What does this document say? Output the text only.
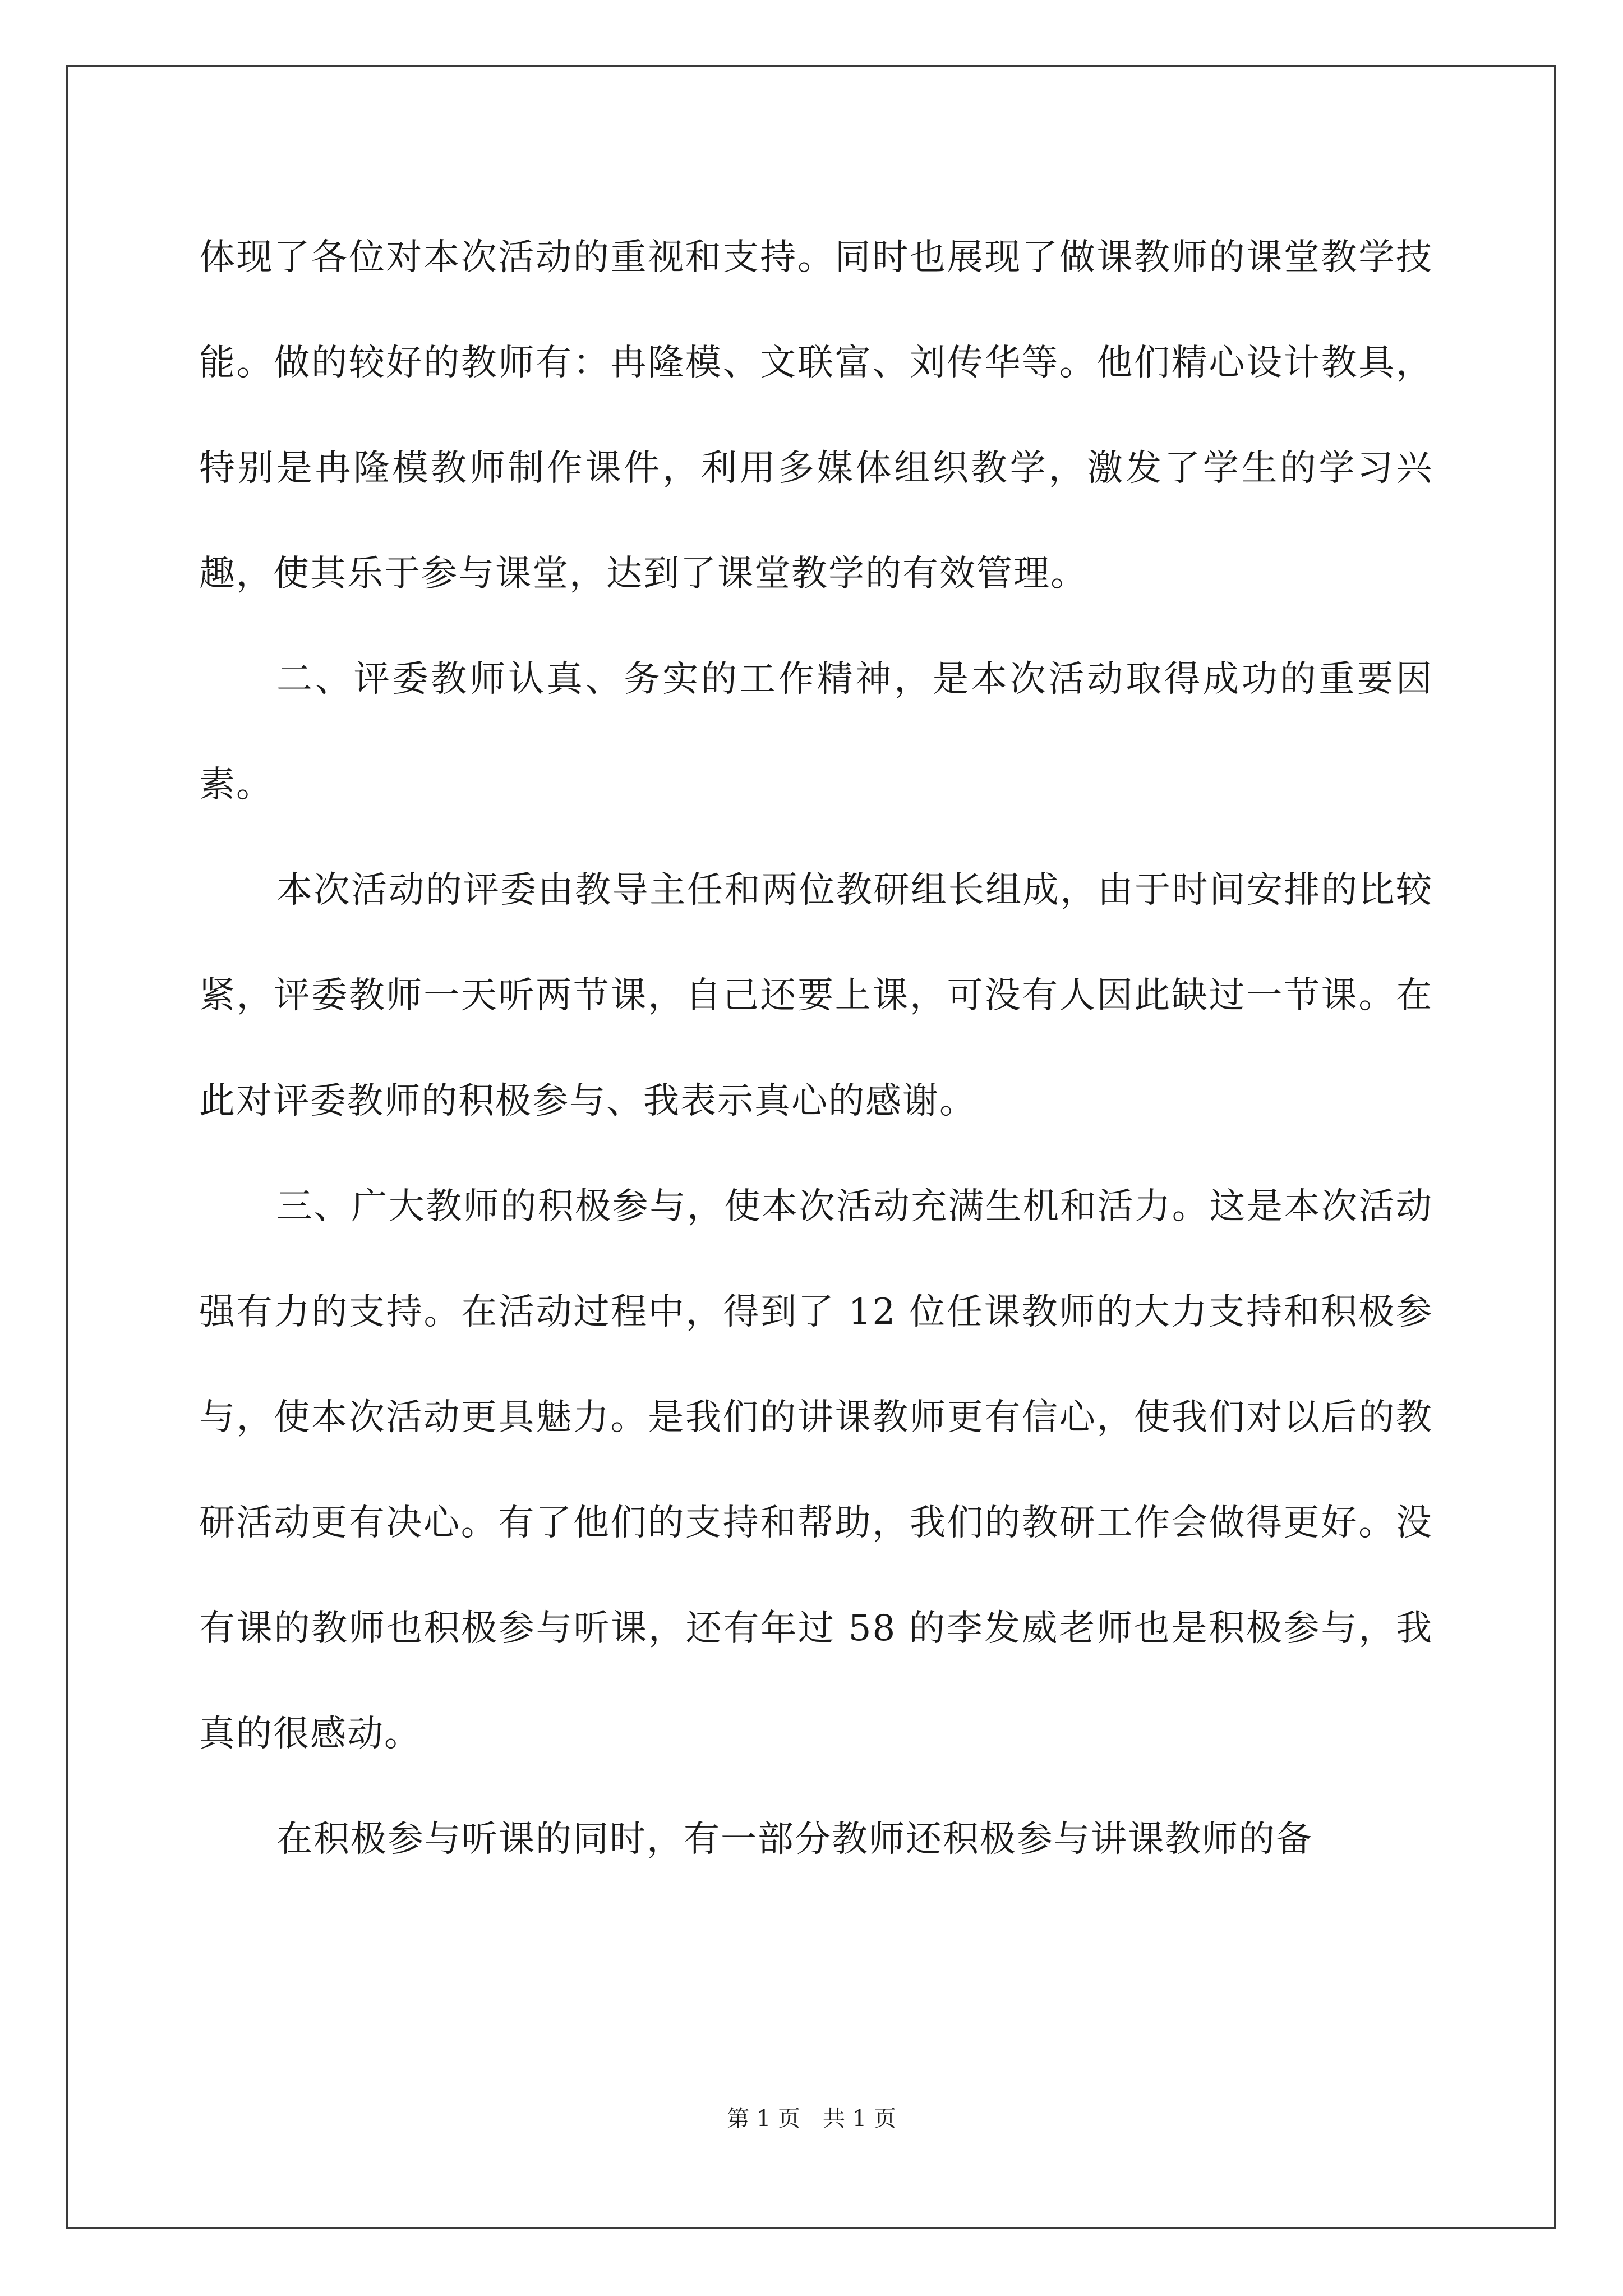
体现了各位对本次活动的重视和支持。同时也展现了做课教师的课堂教学技能。做的较好的教师有：冉隆模、文联富、刘传华等。他们精心设计教具，特别是冉隆模教师制作课件，利用多媒体组织教学，激发了学生的学习兴趣，使其乐于参与课堂，达到了课堂教学的有效管理。

二、评委教师认真、务实的工作精神，是本次活动取得成功的重要因素。

本次活动的评委由教导主任和两位教研组长组成，由于时间安排的比较紧，评委教师一天听两节课，自己还要上课，可没有人因此缺过一节课。在此对评委教师的积极参与、我表示真心的感谢。

三、广大教师的积极参与，使本次活动充满生机和活力。这是本次活动强有力的支持。在活动过程中，得到了 12 位任课教师的大力支持和积极参与，使本次活动更具魅力。是我们的讲课教师更有信心，使我们对以后的教研活动更有决心。有了他们的支持和帮助，我们的教研工作会做得更好。没有课的教师也积极参与听课，还有年过 58 的李发威老师也是积极参与，我真的很感动。

在积极参与听课的同时，有一部分教师还积极参与讲课教师的备

第 1 页　共 1 页
